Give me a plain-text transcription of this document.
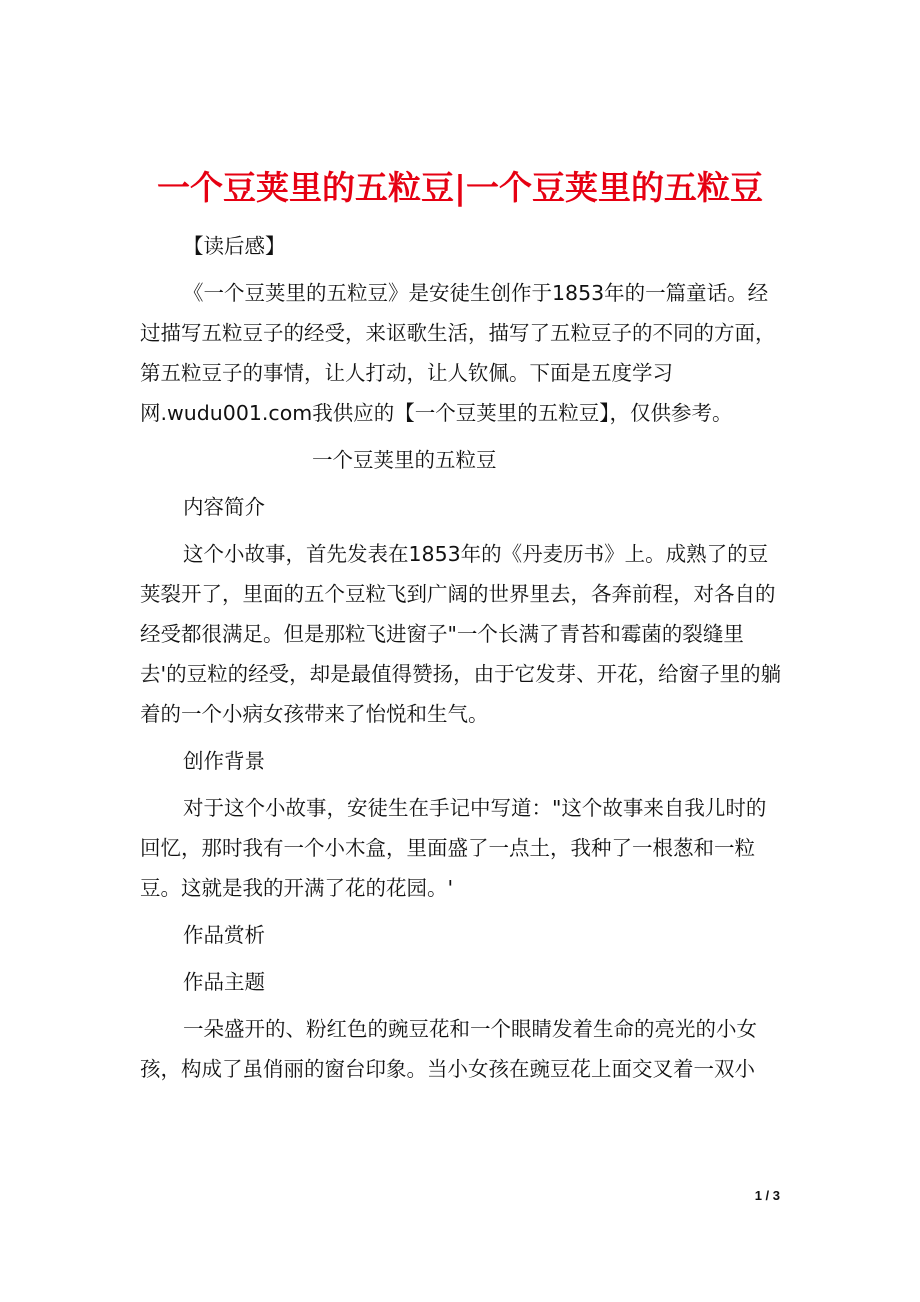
一个豆荚里的五粒豆|一个豆荚里的五粒豆

【读后感】

《一个豆荚里的五粒豆》是安徒生创作于1853年的一篇童话。经过描写五粒豆子的经受，来讴歌生活，描写了五粒豆子的不同的方面，第五粒豆子的事情，让人打动，让人钦佩。下面是五度学习网.wudu001.com我供应的【一个豆荚里的五粒豆】，仅供参考。

一个豆荚里的五粒豆

内容简介

这个小故事，首先发表在1853年的《丹麦历书》上。成熟了的豆荚裂开了，里面的五个豆粒飞到广阔的世界里去，各奔前程，对各自的经受都很满足。但是那粒飞进窗子"一个长满了青苔和霉菌的裂缝里去'的豆粒的经受，却是最值得赞扬，由于它发芽、开花，给窗子里的躺着的一个小病女孩带来了怡悦和生气。

创作背景

对于这个小故事，安徒生在手记中写道："这个故事来自我儿时的回忆，那时我有一个小木盒，里面盛了一点土，我种了一根葱和一粒豆。这就是我的开满了花的花园。'

作品赏析

作品主题

一朵盛开的、粉红色的豌豆花和一个眼睛发着生命的亮光的小女孩，构成了虽俏丽的窗台印象。当小女孩在豌豆花上面交叉着一双小

1 / 3
